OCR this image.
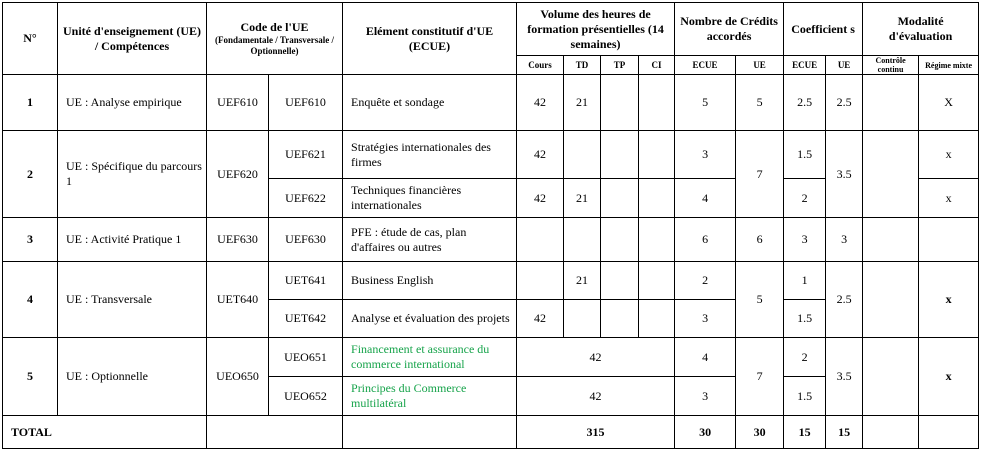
N°	Unité d'enseignement (UE) / Compétences	Code de l'UE
(Fondamentale / Transversale / Optionnelle)		Elément constitutif d'UE (ECUE)	Volume des heures de formation présentielles (14 semaines)				Nombre de Crédits accordés		Coefficient s		Modalité d'évaluation	
					Cours	TD	TP	CI	ECUE	UE	ECUE	UE	Contrôle continu	Régime mixte
1	UE : Analyse empirique	UEF610	UEF610	Enquête et sondage	42	21			5	5	2.5	2.5		X
2	UE : Spécifique du parcours 1	UEF620	UEF621	Stratégies internationales des firmes	42				3	7	1.5	3.5		x
			UEF622	Techniques financières internationales	42	21			4		2			x
3	UE : Activité Pratique 1	UEF630	UEF630	PFE : étude de cas, plan d'affaires ou autres					6	6	3	3		
4	UE : Transversale	UET640	UET641	Business English		21			2	5	1	2.5		x
			UET642	Analyse et évaluation des projets	42				3		1.5			
5	UE : Optionnelle	UEO650	UEO651	Financement et assurance du commerce international	42				4	7	2	3.5		x
			UEO652	Principes du Commerce multilatéral	42				3		1.5			
TOTAL					315				30	30	15	15		
